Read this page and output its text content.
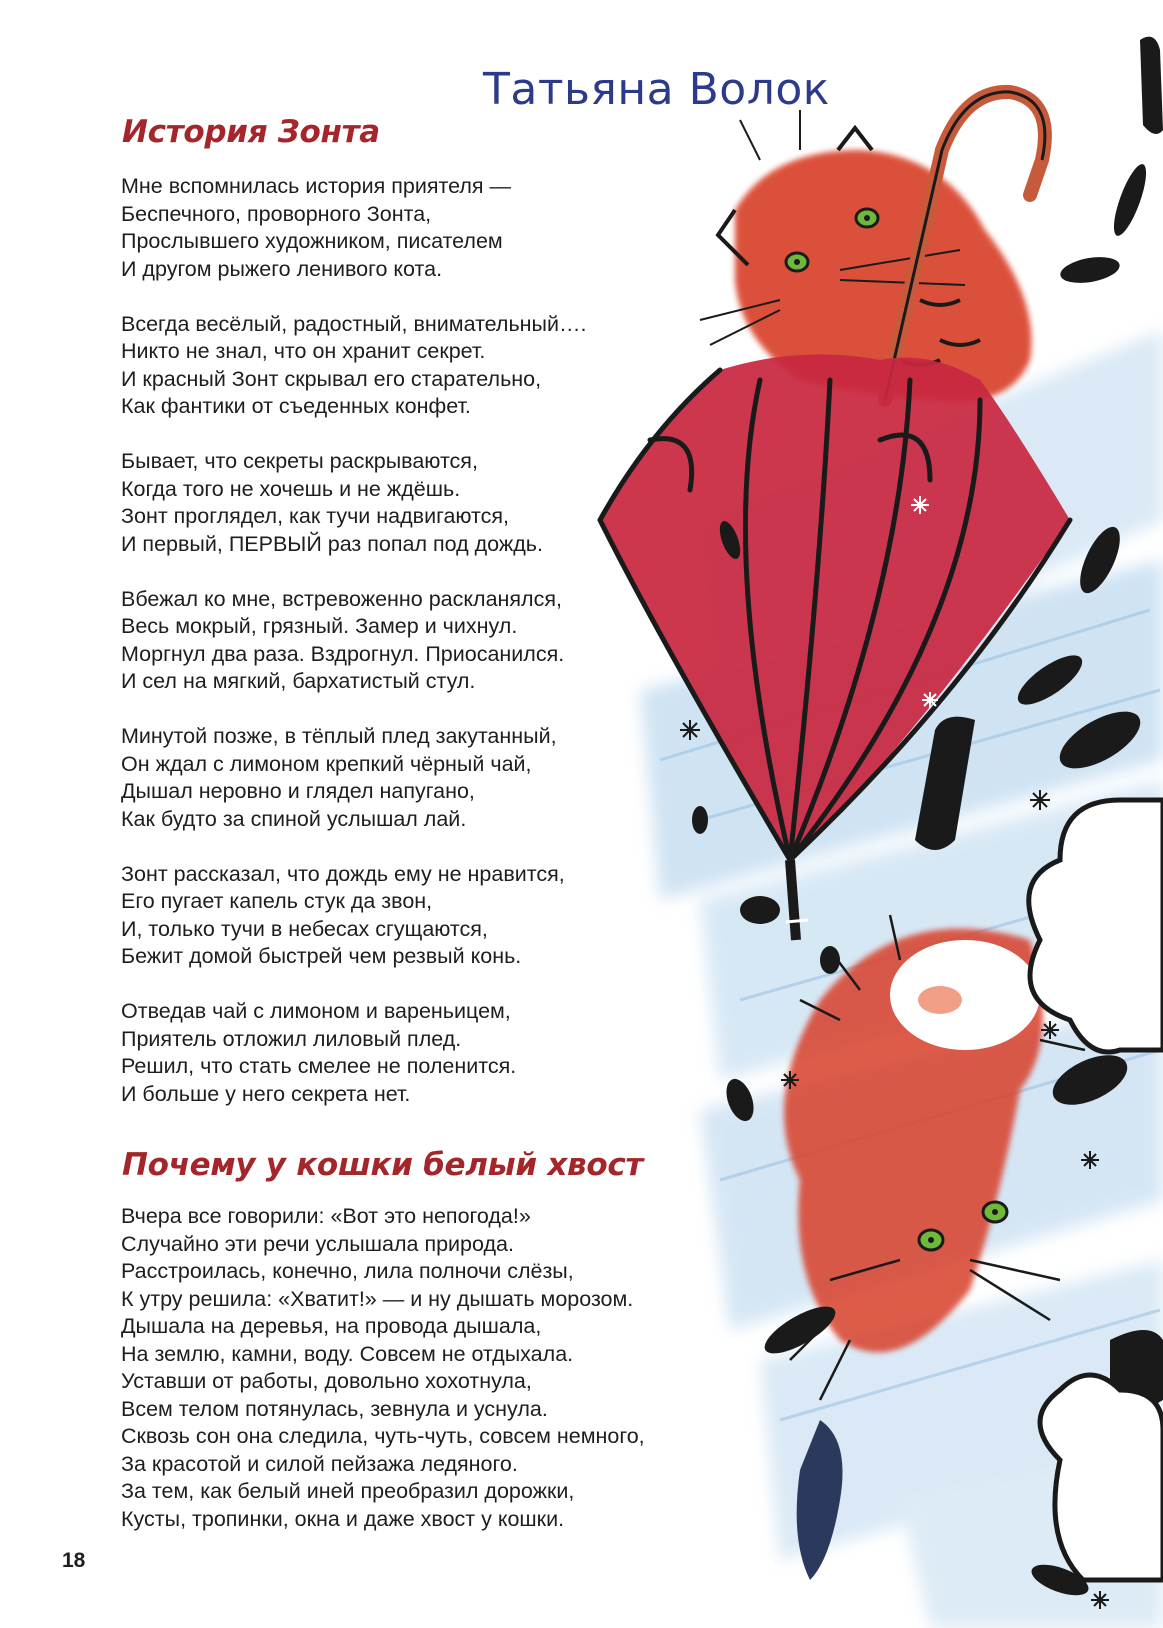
Татьяна Волок
История Зонта

Мне вспомнилась история приятеля —
Беспечного, проворного Зонта,
Прослывшего художником, писателем
И другом рыжего ленивого кота.

Всегда весёлый, радостный, внимательный….
Никто не знал, что он хранит секрет.
И красный Зонт скрывал его старательно,
Как фантики от съеденных конфет.

Бывает, что секреты раскрываются,
Когда того не хочешь и не ждёшь.
Зонт проглядел, как тучи надвигаются,
И первый, ПЕРВЫЙ раз попал под дождь.

Вбежал ко мне, встревоженно раскланялся,
Весь мокрый, грязный. Замер и чихнул.
Моргнул два раза. Вздрогнул. Приосанился.
И сел на мягкий, бархатистый стул.

Минутой позже, в тёплый плед закутанный,
Он ждал с лимоном крепкий чёрный чай,
Дышал неровно и глядел напугано,
Как будто за спиной услышал лай.

Зонт рассказал, что дождь ему не нравится,
Его пугает капель стук да звон,
И, только тучи в небесах сгущаются,
Бежит домой быстрей чем резвый конь.

Отведав чай с лимоном и вареньицем,
Приятель отложил лиловый плед.
Решил, что стать смелее не поленится.
И больше у него секрета нет.

Почему у кошки белый хвост

Вчера все говорили: «Вот это непогода!»
Случайно эти речи услышала природа.
Расстроилась, конечно, лила полночи слёзы,
К утру решила: «Хватит!» — и ну дышать морозом.
Дышала на деревья, на провода дышала,
На землю, камни, воду. Совсем не отдыхала.
Уставши от работы, довольно хохотнула,
Всем телом потянулась, зевнула и уснула.
Сквозь сон она следила, чуть-чуть, совсем немного,
За красотой и силой пейзажа ледяного.
За тем, как белый иней преобразил дорожки,
Кусты, тропинки, окна и даже хвост у кошки.

18
